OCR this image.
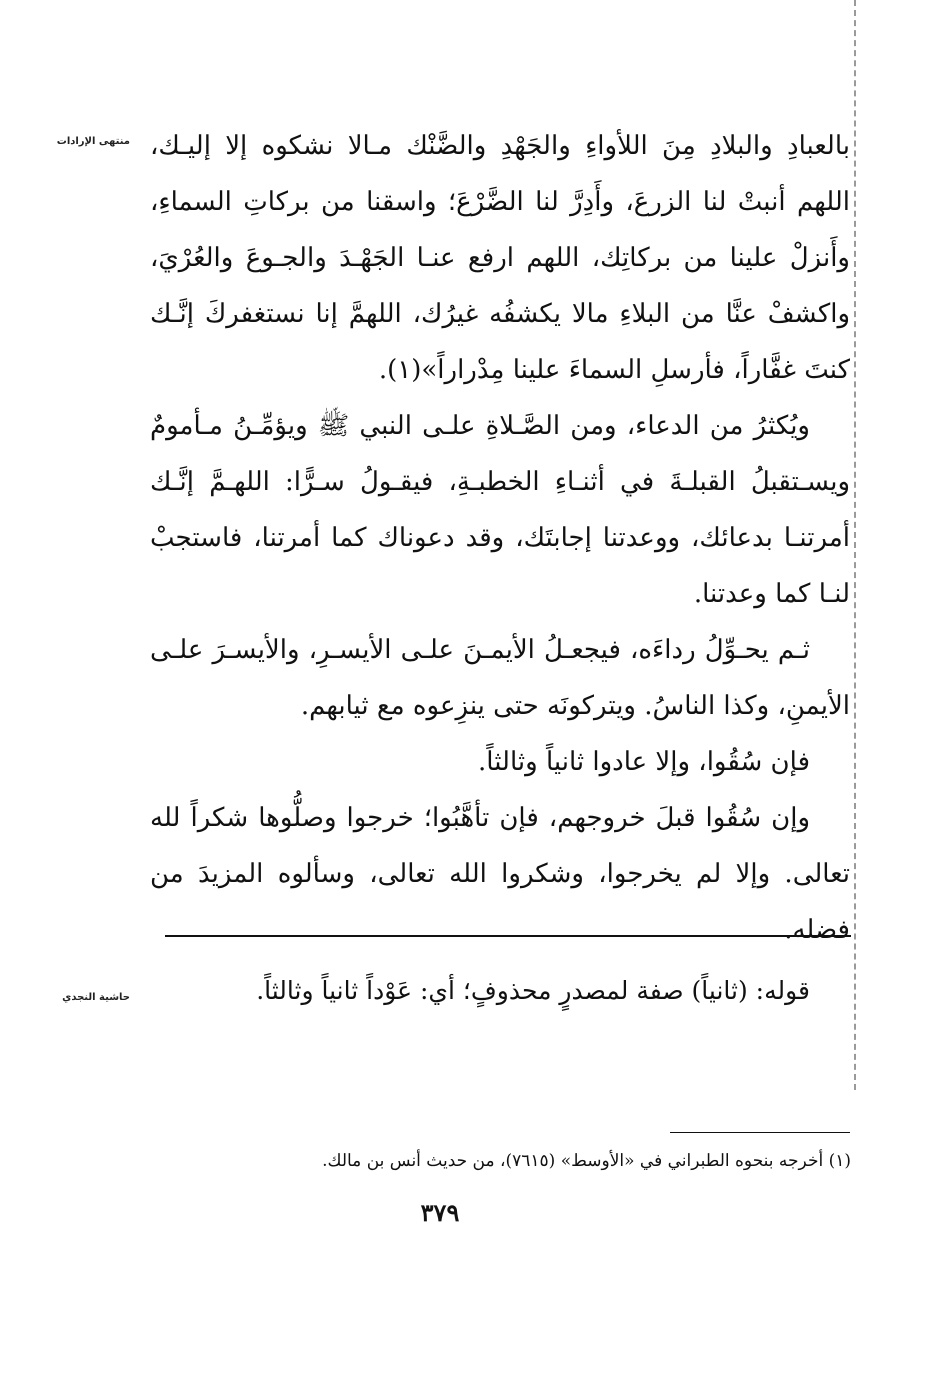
منتهى الإرادات
حاشية النجدي

بالعبادِ والبلادِ مِنَ اللأواءِ والجَهْدِ والضَّنْك مـالا نشكوه إلا إليـك، اللهم أنبتْ لنا الزرعَ، وأَدِرَّ لنا الضَّرْعَ؛ واسقنا من بركاتِ السماءِ، وأَنزلْ علينا من بركاتِك، اللهم ارفع عنـا الجَهْـدَ والجـوعَ والعُرْيَ، واكشفْ عنَّا من البلاءِ مالا يكشفُه غيرُك، اللهمَّ إنا نستغفركَ إنَّـك كنتَ غفَّاراً، فأرسلِ السماءَ علينا مِدْراراً»(١).

ويُكثرُ من الدعاء، ومن الصَّـلاةِ علـى النبي ﷺ ويؤمِّـنُ مـأمومٌ ويسـتقبلُ القبلـةَ في أثنـاءِ الخطبـةِ، فيقـولُ سـرًّا: اللهـمَّ إنَّـك أمرتنـا بدعائك، ووعدتنا إجابتَك، وقد دعوناك كما أمرتنا، فاستجبْ لنـا كما وعدتنا.

ثـم يحـوِّلُ رداءَه، فيجعـلُ الأيمـنَ علـى الأيسـرِ، والأيسـرَ علـى الأيمنِ، وكذا الناسُ. ويتركونَه حتى ينزِعوه مع ثيابهم.

فإن سُقُوا، وإلا عادوا ثانياً وثالثاً.

وإن سُقُوا قبلَ خروجهم، فإن تأهَّبُوا؛ خرجوا وصلُّوها شكراً لله تعالى. وإلا لم يخرجوا، وشكروا الله تعالى، وسألوه المزيدَ من فضله.

قوله: (ثانياً) صفة لمصدرٍ محذوفٍ؛ أي: عَوْداً ثانياً وثالثاً.
(١) أخرجه بنحوه الطبراني في «الأوسط» (٧٦١٥)، من حديث أنس بن مالك.
٣٧٩
